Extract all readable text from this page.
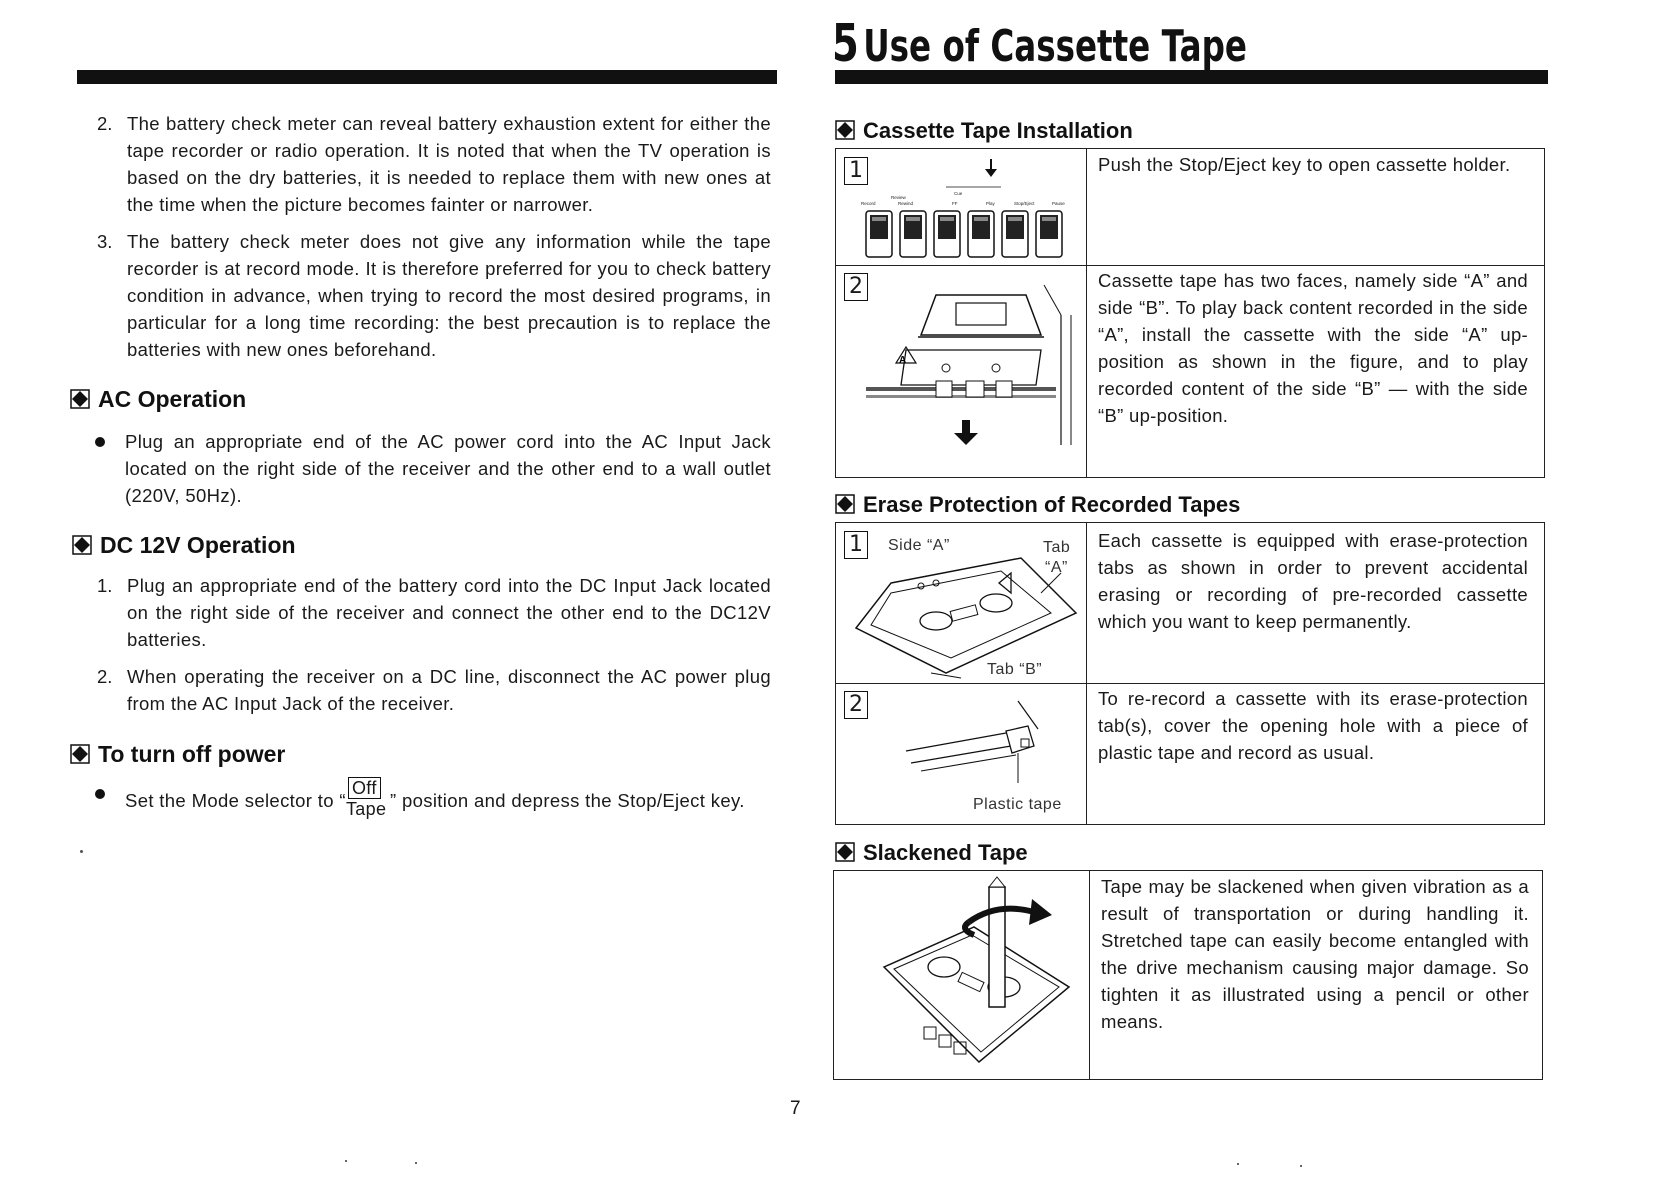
5 Use of Cassette Tape
2. The battery check meter can reveal battery exhaustion extent for either the tape recorder or radio operation. It is noted that when the TV operation is based on the dry batteries, it is needed to replace them with new ones at the time when the picture becomes fainter or narrower.
3. The battery check meter does not give any information while the tape recorder is at record mode. It is therefore preferred for you to check battery condition in advance, when trying to record the most desired programs, in particular for a long time recording: the best precaution is to replace the batteries with new ones beforehand.
AC Operation
Plug an appropriate end of the AC power cord into the AC Input Jack located on the right side of the receiver and the other end to a wall outlet (220V, 50Hz).
DC 12V Operation
1. Plug an appropriate end of the battery cord into the DC Input Jack located on the right side of the receiver and connect the other end to the DC12V batteries.
2. When operating the receiver on a DC line, disconnect the AC power plug from the AC Input Jack of the receiver.
To turn off power
Set the Mode selector to “
Off
Tape ” position and depress the Stop/Eject key.
Cassette Tape Installation
1
Review
Cue
Record	Rewind	FF	Play	Stop/Eject	Pause
Push the Stop/Eject key to open cassette holder.
2
A
Cassette tape has two faces, namely side “A” and side “B”. To play back content recorded in the side “A”, install the cassette with the side “A” up-position as shown in the figure, and to play recorded content of the side “B” — with the side “B” up-position.
Erase Protection of Recorded Tapes
1	Side “A”	Tab
“A”
Tab “B”
Each cassette is equipped with erase-protection tabs as shown in order to prevent accidental erasing or recording of pre-recorded cassette which you want to keep permanently.
2
Plastic tape
To re-record a cassette with its erase-protection tab(s), cover the opening hole with a piece of plastic tape and record as usual.
Slackened Tape
Tape may be slackened when given vibration as a result of transportation or during handling it. Stretched tape can easily become entangled with the drive mechanism causing major damage. So tighten it as illustrated using a pencil or other means.
7
